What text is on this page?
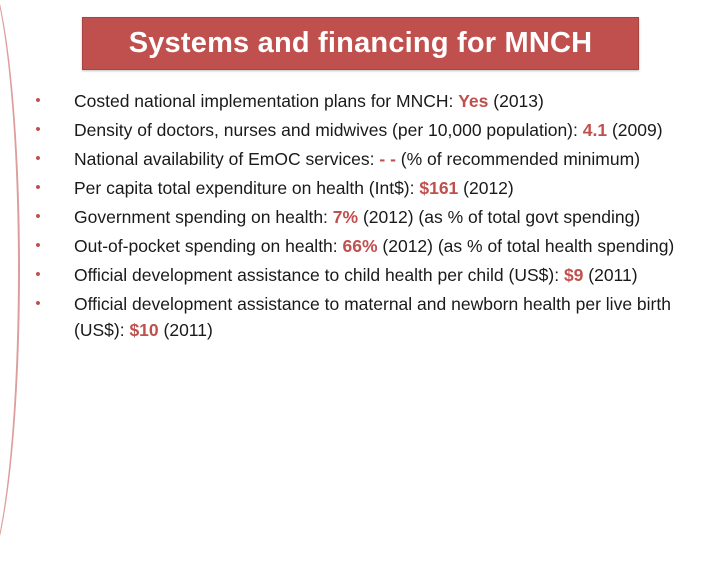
Systems and financing for MNCH
•	Costed national implementation plans for MNCH: Yes (2013)
•	Density of doctors, nurses and midwives (per 10,000 population): 4.1 (2009)
•	National availability of EmOC services: - - (% of recommended minimum)
•	Per capita total expenditure on health (Int$): $161 (2012)
•	Government spending on health: 7% (2012) (as % of total govt spending)
•	Out-of-pocket spending on health: 66% (2012) (as % of total health spending)
•	Official development assistance to child health per child (US$): $9 (2011)
•	Official development assistance to maternal and newborn health per live birth (US$): $10 (2011)
